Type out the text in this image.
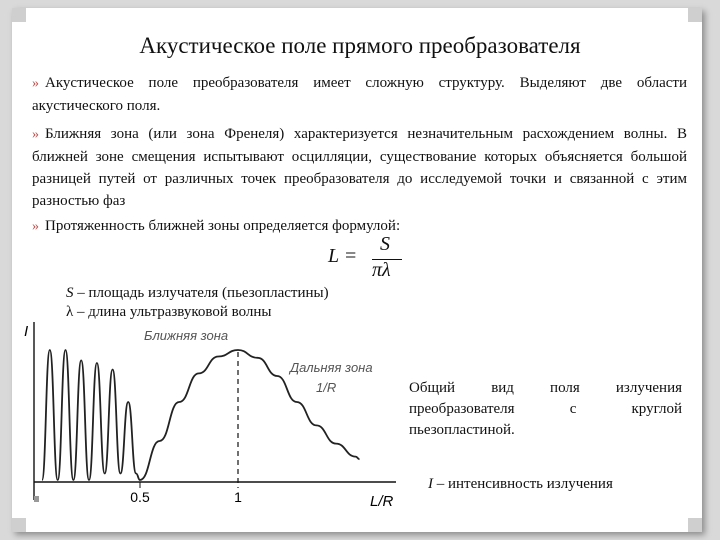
Акустическое поле прямого преобразователя

» Акустическое поле преобразователя имеет сложную структуру. Выделяют две области акустического поля.

» Ближняя зона (или зона Френеля) характеризуется незначительным расхождением волны. В ближней зоне смещения испытывают осцилляции, существование которых объясняется большой разницей путей от различных точек преобразователя до исследуемой точки и связанной с этим разностью фаз

» Протяженность ближней зоны определяется формулой:

L =
S
πλ

S – площадь излучателя (пьезопластины)

λ – длина ультразвуковой волны

I
L/R
0.5	1
Ближняя зона
Дальняя зона
1/R	Общий вид поля излучения преобразователя с круглой пьезопластиной.

I – интенсивность излучения
